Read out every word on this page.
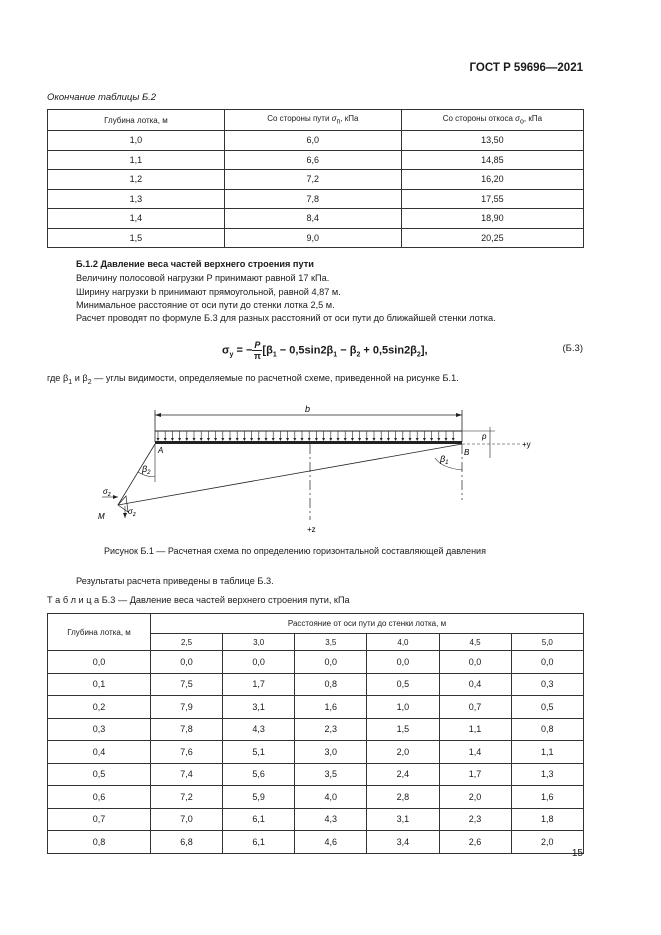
ГОСТ Р 59696—2021
Окончание таблицы Б.2
Глубина лотка, м	Со стороны пути $\sigma_п$, кПа	Со стороны откоса $\sigma_о$, кПа
1,0	6,0	13,50
1,1	6,6	14,85
1,2	7,2	16,20
1,3	7,8	17,55
1,4	8,4	18,90
1,5	9,0	20,25
Б.1.2 Давление веса частей верхнего строения пути
Величину полосовой нагрузки P принимают равной 17 кПа.
Ширину нагрузки b принимают прямоугольной, равной 4,87 м.
Минимальное расстояние от оси пути до стенки лотка 2,5 м.
Расчет проводят по формуле Б.3 для разных расстояний от оси пути до ближайшей стенки лотка.
$\sigma_y$ = − $\frac{P}{\pi}[\beta_1 - 0,5\sin 2\beta_1 - \beta_2 + 0,5\sin 2\beta_2]$,	(Б.3)
где $\beta_1$ и $\beta_2$ — углы видимости, определяемые по расчетной схеме, приведенной на рисунке Б.1.
b
p
+y
+z
$\beta_2$
$\beta_1$
A	B
$\sigma_z$
$\sigma_z$
M
Рисунок Б.1 — Расчетная схема по определению горизонтальной составляющей давления
Результаты расчета приведены в таблице Б.3.
Т а б л и ц а Б.3 — Давление веса частей верхнего строения пути, кПа
Глубина лотка, м	Расстояние от оси пути до стенки лотка, м					
	2,5	3,0	3,5	4,0	4,5	5,0
0,0	0,0	0,0	0,0	0,0	0,0	0,0
0,1	7,5	1,7	0,8	0,5	0,4	0,3
0,2	7,9	3,1	1,6	1,0	0,7	0,5
0,3	7,8	4,3	2,3	1,5	1,1	0,8
0,4	7,6	5,1	3,0	2,0	1,4	1,1
0,5	7,4	5,6	3,5	2,4	1,7	1,3
0,6	7,2	5,9	4,0	2,8	2,0	1,6
0,7	7,0	6,1	4,3	3,1	2,3	1,8
0,8	6,8	6,1	4,6	3,4	2,6	2,0
15
